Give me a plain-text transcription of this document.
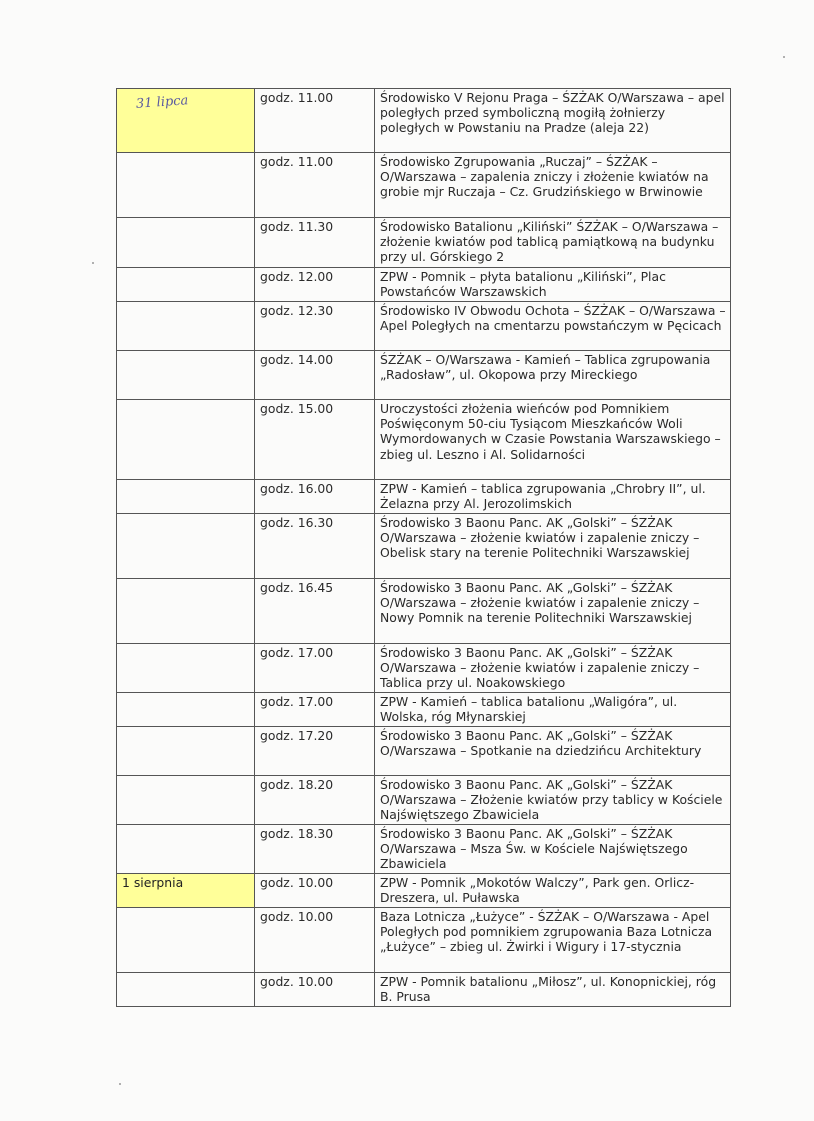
31 lipca	godz. 11.00	Środowisko V Rejonu Praga – ŚZŻAK O/Warszawa – apel poległych przed symboliczną mogiłą żołnierzy poległych w Powstaniu na Pradze (aleja 22)
	godz. 11.00	Środowisko Zgrupowania „Ruczaj” – ŚZŻAK – O/Warszawa – zapalenia zniczy i złożenie kwiatów na grobie mjr Ruczaja – Cz. Grudzińskiego w Brwinowie
	godz. 11.30	Środowisko Batalionu „Kiliński” ŚZŻAK – O/Warszawa – złożenie kwiatów pod tablicą pamiątkową na budynku przy ul. Górskiego 2
	godz. 12.00	ZPW - Pomnik – płyta batalionu „Kiliński”, Plac Powstańców Warszawskich
	godz. 12.30	Środowisko IV Obwodu Ochota – ŚZŻAK – O/Warszawa – Apel Poległych na cmentarzu powstańczym w Pęcicach
	godz. 14.00	ŚZŻAK – O/Warszawa - Kamień – Tablica zgrupowania „Radosław”, ul. Okopowa przy Mireckiego
	godz. 15.00	Uroczystości złożenia wieńców pod Pomnikiem Poświęconym 50-ciu Tysiącom Mieszkańców Woli Wymordowanych w Czasie Powstania Warszawskiego – zbieg ul. Leszno i Al. Solidarności
	godz. 16.00	ZPW - Kamień – tablica zgrupowania „Chrobry II”, ul. Żelazna przy Al. Jerozolimskich
	godz. 16.30	Środowisko 3 Baonu Panc. AK „Golski” – ŚZŻAK O/Warszawa – złożenie kwiatów i zapalenie zniczy – Obelisk stary na terenie Politechniki Warszawskiej
	godz. 16.45	Środowisko 3 Baonu Panc. AK „Golski” – ŚZŻAK O/Warszawa – złożenie kwiatów i zapalenie zniczy – Nowy Pomnik na terenie Politechniki Warszawskiej
	godz. 17.00	Środowisko 3 Baonu Panc. AK „Golski” – ŚZŻAK O/Warszawa – złożenie kwiatów i zapalenie zniczy – Tablica przy ul. Noakowskiego
	godz. 17.00	ZPW - Kamień – tablica batalionu „Waligóra”, ul. Wolska, róg Młynarskiej
	godz. 17.20	Środowisko 3 Baonu Panc. AK „Golski” – ŚZŻAK O/Warszawa – Spotkanie na dziedzińcu Architektury
	godz. 18.20	Środowisko 3 Baonu Panc. AK „Golski” – ŚZŻAK O/Warszawa – Złożenie kwiatów przy tablicy w Kościele Najświętszego Zbawiciela
	godz. 18.30	Środowisko 3 Baonu Panc. AK „Golski” – ŚZŻAK O/Warszawa – Msza Św. w Kościele Najświętszego Zbawiciela
1 sierpnia	godz. 10.00	ZPW - Pomnik „Mokotów Walczy”, Park gen. Orlicz-Dreszera, ul. Puławska
	godz. 10.00	Baza Lotnicza „Łużyce” - ŚZŻAK – O/Warszawa - Apel Poległych pod pomnikiem zgrupowania Baza Lotnicza „Łużyce” – zbieg ul. Żwirki i Wigury i 17-stycznia
	godz. 10.00	ZPW - Pomnik batalionu „Miłosz”, ul. Konopnickiej, róg B. Prusa
